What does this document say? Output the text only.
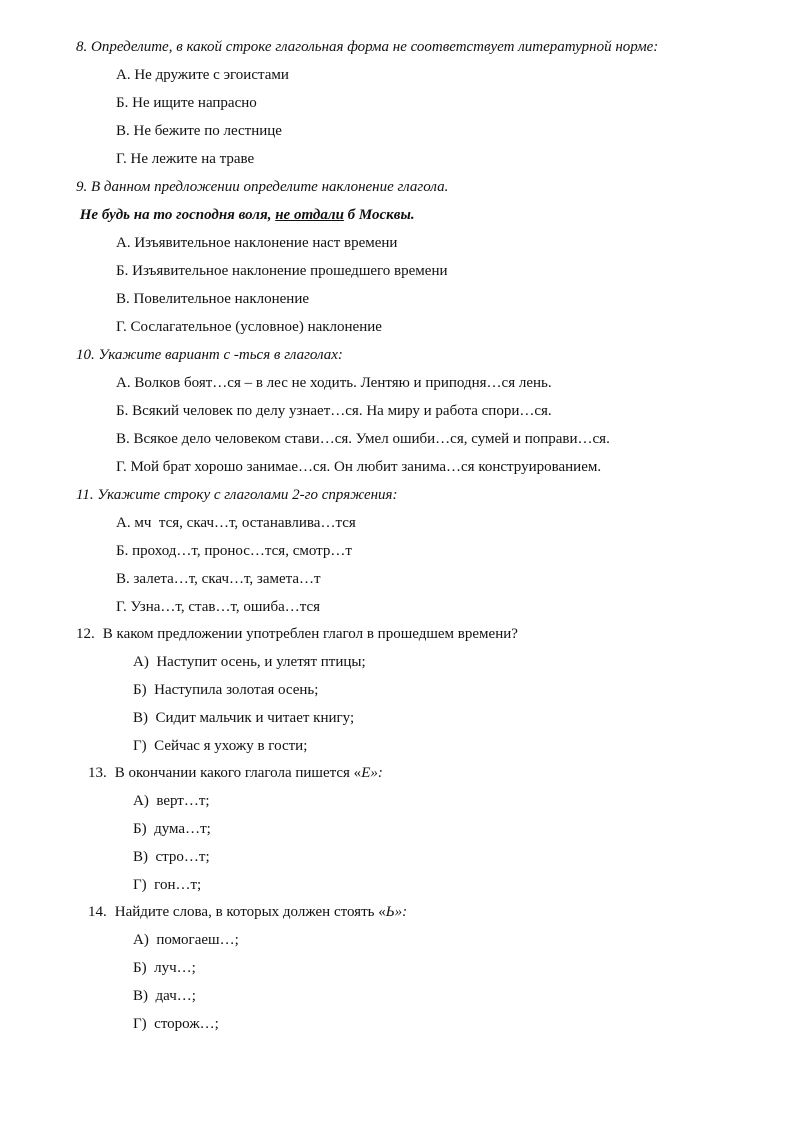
8. Определите, в какой строке глагольная форма не соответствует литературной норме:
А. Не дружите с эгоистами
Б. Не ищите напрасно
В. Не бежите по лестнице
Г. Не лежите на траве
9. В данном предложении определите наклонение глагола.
Не будь на то господня воля, не отдали б Москвы.
А. Изъявительное наклонение наст времени
Б. Изъявительное наклонение прошедшего времени
В. Повелительное наклонение
Г. Сослагательное (условное) наклонение
10. Укажите вариант с -ться в глаголах:
А. Волков боят…ся – в лес не ходить. Лентяю и приподня…ся лень.
Б. Всякий человек по делу узнает…ся. На миру и работа спори…ся.
В. Всякое дело человеком стави…ся. Умел ошиби…ся, сумей и поправи…ся.
Г. Мой брат хорошо занимае…ся. Он любит занима…ся конструированием.
11. Укажите строку с глаголами 2-го спряжения:
А. мч  тся, скач…т, останавлива…тся
Б. проход…т, пронос…тся, смотр…т
В. залета…т, скач…т, замета…т
Г. Узна…т, став…т, ошиба…тся
12. В каком предложении употреблен глагол в прошедшем времени?
А) Наступит осень, и улетят птицы;
Б) Наступила золотая осень;
В) Сидит мальчик и читает книгу;
Г) Сейчас я ухожу в гости;
13. В окончании какого глагола пишется «Е»:
А) верт…т;
Б) дума…т;
В) стро…т;
Г) гон…т;
14. Найдите слова, в которых должен стоять «Ь»:
А) помогаеш…;
Б) луч…;
В) дач…;
Г) сторож…;
